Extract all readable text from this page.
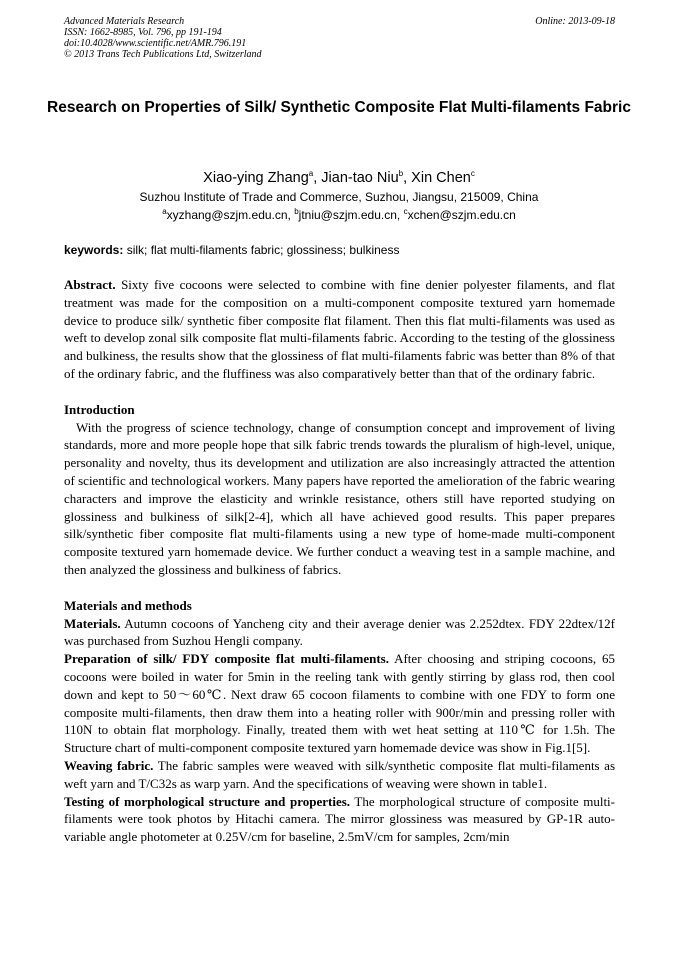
Advanced Materials Research
ISSN: 1662-8985, Vol. 796, pp 191-194
doi:10.4028/www.scientific.net/AMR.796.191
© 2013 Trans Tech Publications Ltd, Switzerland
Online: 2013-09-18
Research on Properties of Silk/ Synthetic Composite Flat Multi-filaments Fabric
Xiao-ying Zhang$^a$, Jian-tao Niu$^b$, Xin Chen$^c$
Suzhou Institute of Trade and Commerce, Suzhou, Jiangsu, 215009, China
$^a$xyzhang@szjm.edu.cn, $^b$jtniu@szjm.edu.cn, $^c$xchen@szjm.edu.cn
keywords: silk; flat multi-filaments fabric; glossiness; bulkiness

Abstract. Sixty five cocoons were selected to combine with fine denier polyester filaments, and flat treatment was made for the composition on a multi-component composite textured yarn homemade device to produce silk/ synthetic fiber composite flat filament. Then this flat multi-filaments was used as weft to develop zonal silk composite flat multi-filaments fabric. According to the testing of the glossiness and bulkiness, the results show that the glossiness of flat multi-filaments fabric was better than 8% of that of the ordinary fabric, and the fluffiness was also comparatively better than that of the ordinary fabric.

Introduction

With the progress of science technology, change of consumption concept and improvement of living standards, more and more people hope that silk fabric trends towards the pluralism of high-level, unique, personality and novelty, thus its development and utilization are also increasingly attracted the attention of scientific and technological workers. Many papers have reported the amelioration of the fabric wearing characters and improve the elasticity and wrinkle resistance, others still have reported studying on glossiness and bulkiness of silk[2-4], which all have achieved good results. This paper prepares silk/synthetic fiber composite flat multi-filaments using a new type of home-made multi-component composite textured yarn homemade device. We further conduct a weaving test in a sample machine, and then analyzed the glossiness and bulkiness of fabrics.

Materials and methods

Materials. Autumn cocoons of Yancheng city and their average denier was 2.252dtex. FDY 22dtex/12f was purchased from Suzhou Hengli company.

Preparation of silk/ FDY composite flat multi-filaments. After choosing and striping cocoons, 65 cocoons were boiled in water for 5min in the reeling tank with gently stirring by glass rod, then cool down and kept to 50～60℃. Next draw 65 cocoon filaments to combine with one FDY to form one composite multi-filaments, then draw them into a heating roller with 900r/min and pressing roller with 110N to obtain flat morphology. Finally, treated them with wet heat setting at 110℃ for 1.5h. The Structure chart of multi-component composite textured yarn homemade device was show in Fig.1[5].

Weaving fabric. The fabric samples were weaved with silk/synthetic composite flat multi-filaments as weft yarn and T/C32s as warp yarn. And the specifications of weaving were shown in table1.

Testing of morphological structure and properties. The morphological structure of composite multi-filaments were took photos by Hitachi camera. The mirror glossiness was measured by GP-1R auto-variable angle photometer at 0.25V/cm for baseline, 2.5mV/cm for samples, 2cm/min
